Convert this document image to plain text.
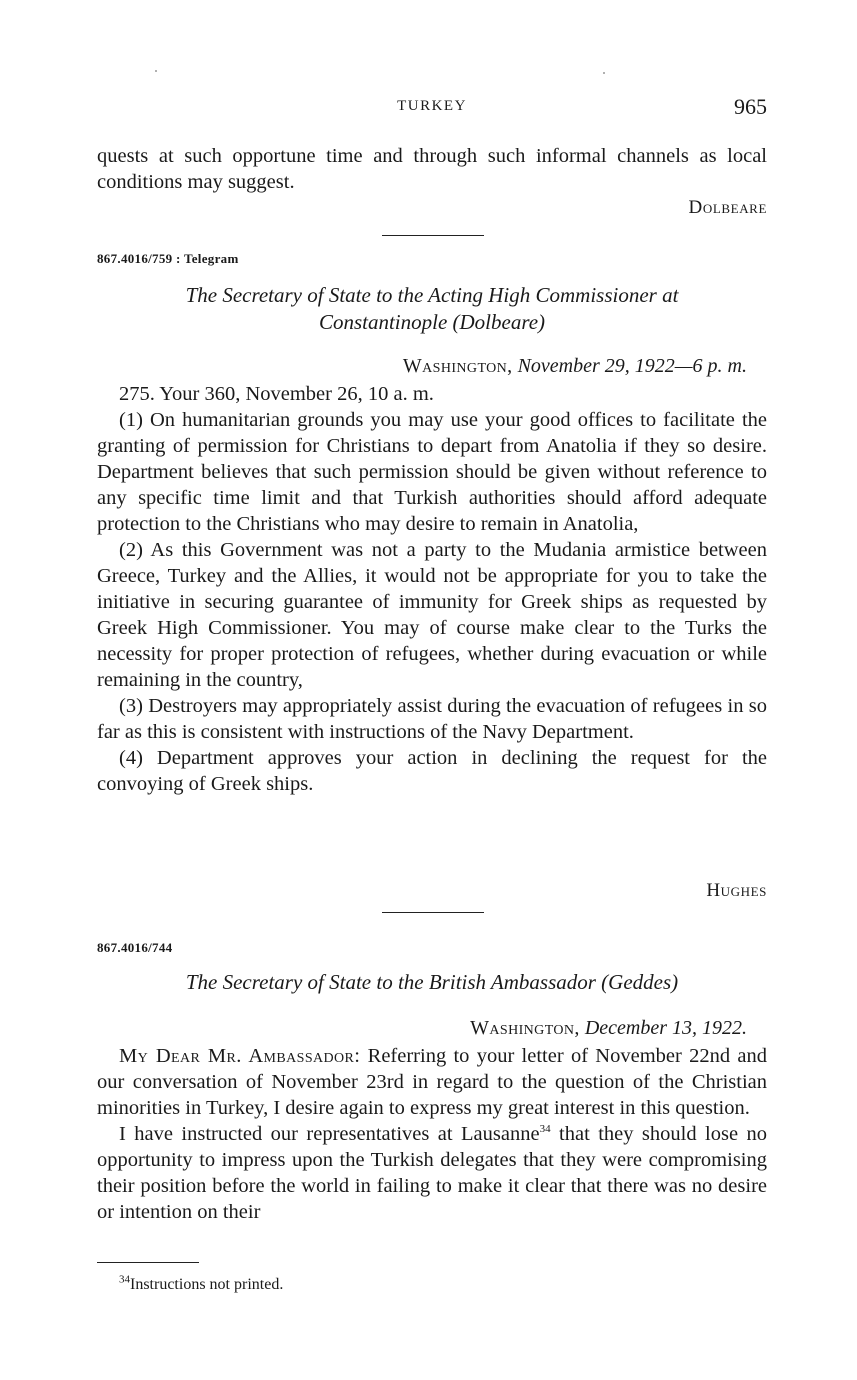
TURKEY	965

quests at such opportune time and through such informal channels as local conditions may suggest.

Dolbeare
867.4016/759 : Telegram
The Secretary of State to the Acting High Commissioner at
Constantinople (Dolbeare)
Washington, November 29, 1922—6 p. m.

275. Your 360, November 26, 10 a. m.

(1) On humanitarian grounds you may use your good offices to facilitate the granting of permission for Christians to depart from Anatolia if they so desire. Department believes that such permission should be given without reference to any specific time limit and that Turkish authorities should afford adequate protection to the Christians who may desire to remain in Anatolia,

(2) As this Government was not a party to the Mudania armistice between Greece, Turkey and the Allies, it would not be appropriate for you to take the initiative in securing guarantee of immunity for Greek ships as requested by Greek High Commissioner. You may of course make clear to the Turks the necessity for proper protection of refugees, whether during evacuation or while remaining in the country,

(3) Destroyers may appropriately assist during the evacuation of refugees in so far as this is consistent with instructions of the Navy Department.

(4) Department approves your action in declining the request for the convoying of Greek ships.

Hughes
867.4016/744
The Secretary of State to the British Ambassador (Geddes)
Washington, December 13, 1922.

My Dear Mr. Ambassador: Referring to your letter of November 22nd and our conversation of November 23rd in regard to the question of the Christian minorities in Turkey, I desire again to express my great interest in this question.

I have instructed our representatives at Lausanne$^{34}$ that they should lose no opportunity to impress upon the Turkish delegates that they were compromising their position before the world in failing to make it clear that there was no desire or intention on their

$^{34}$Instructions not printed.
